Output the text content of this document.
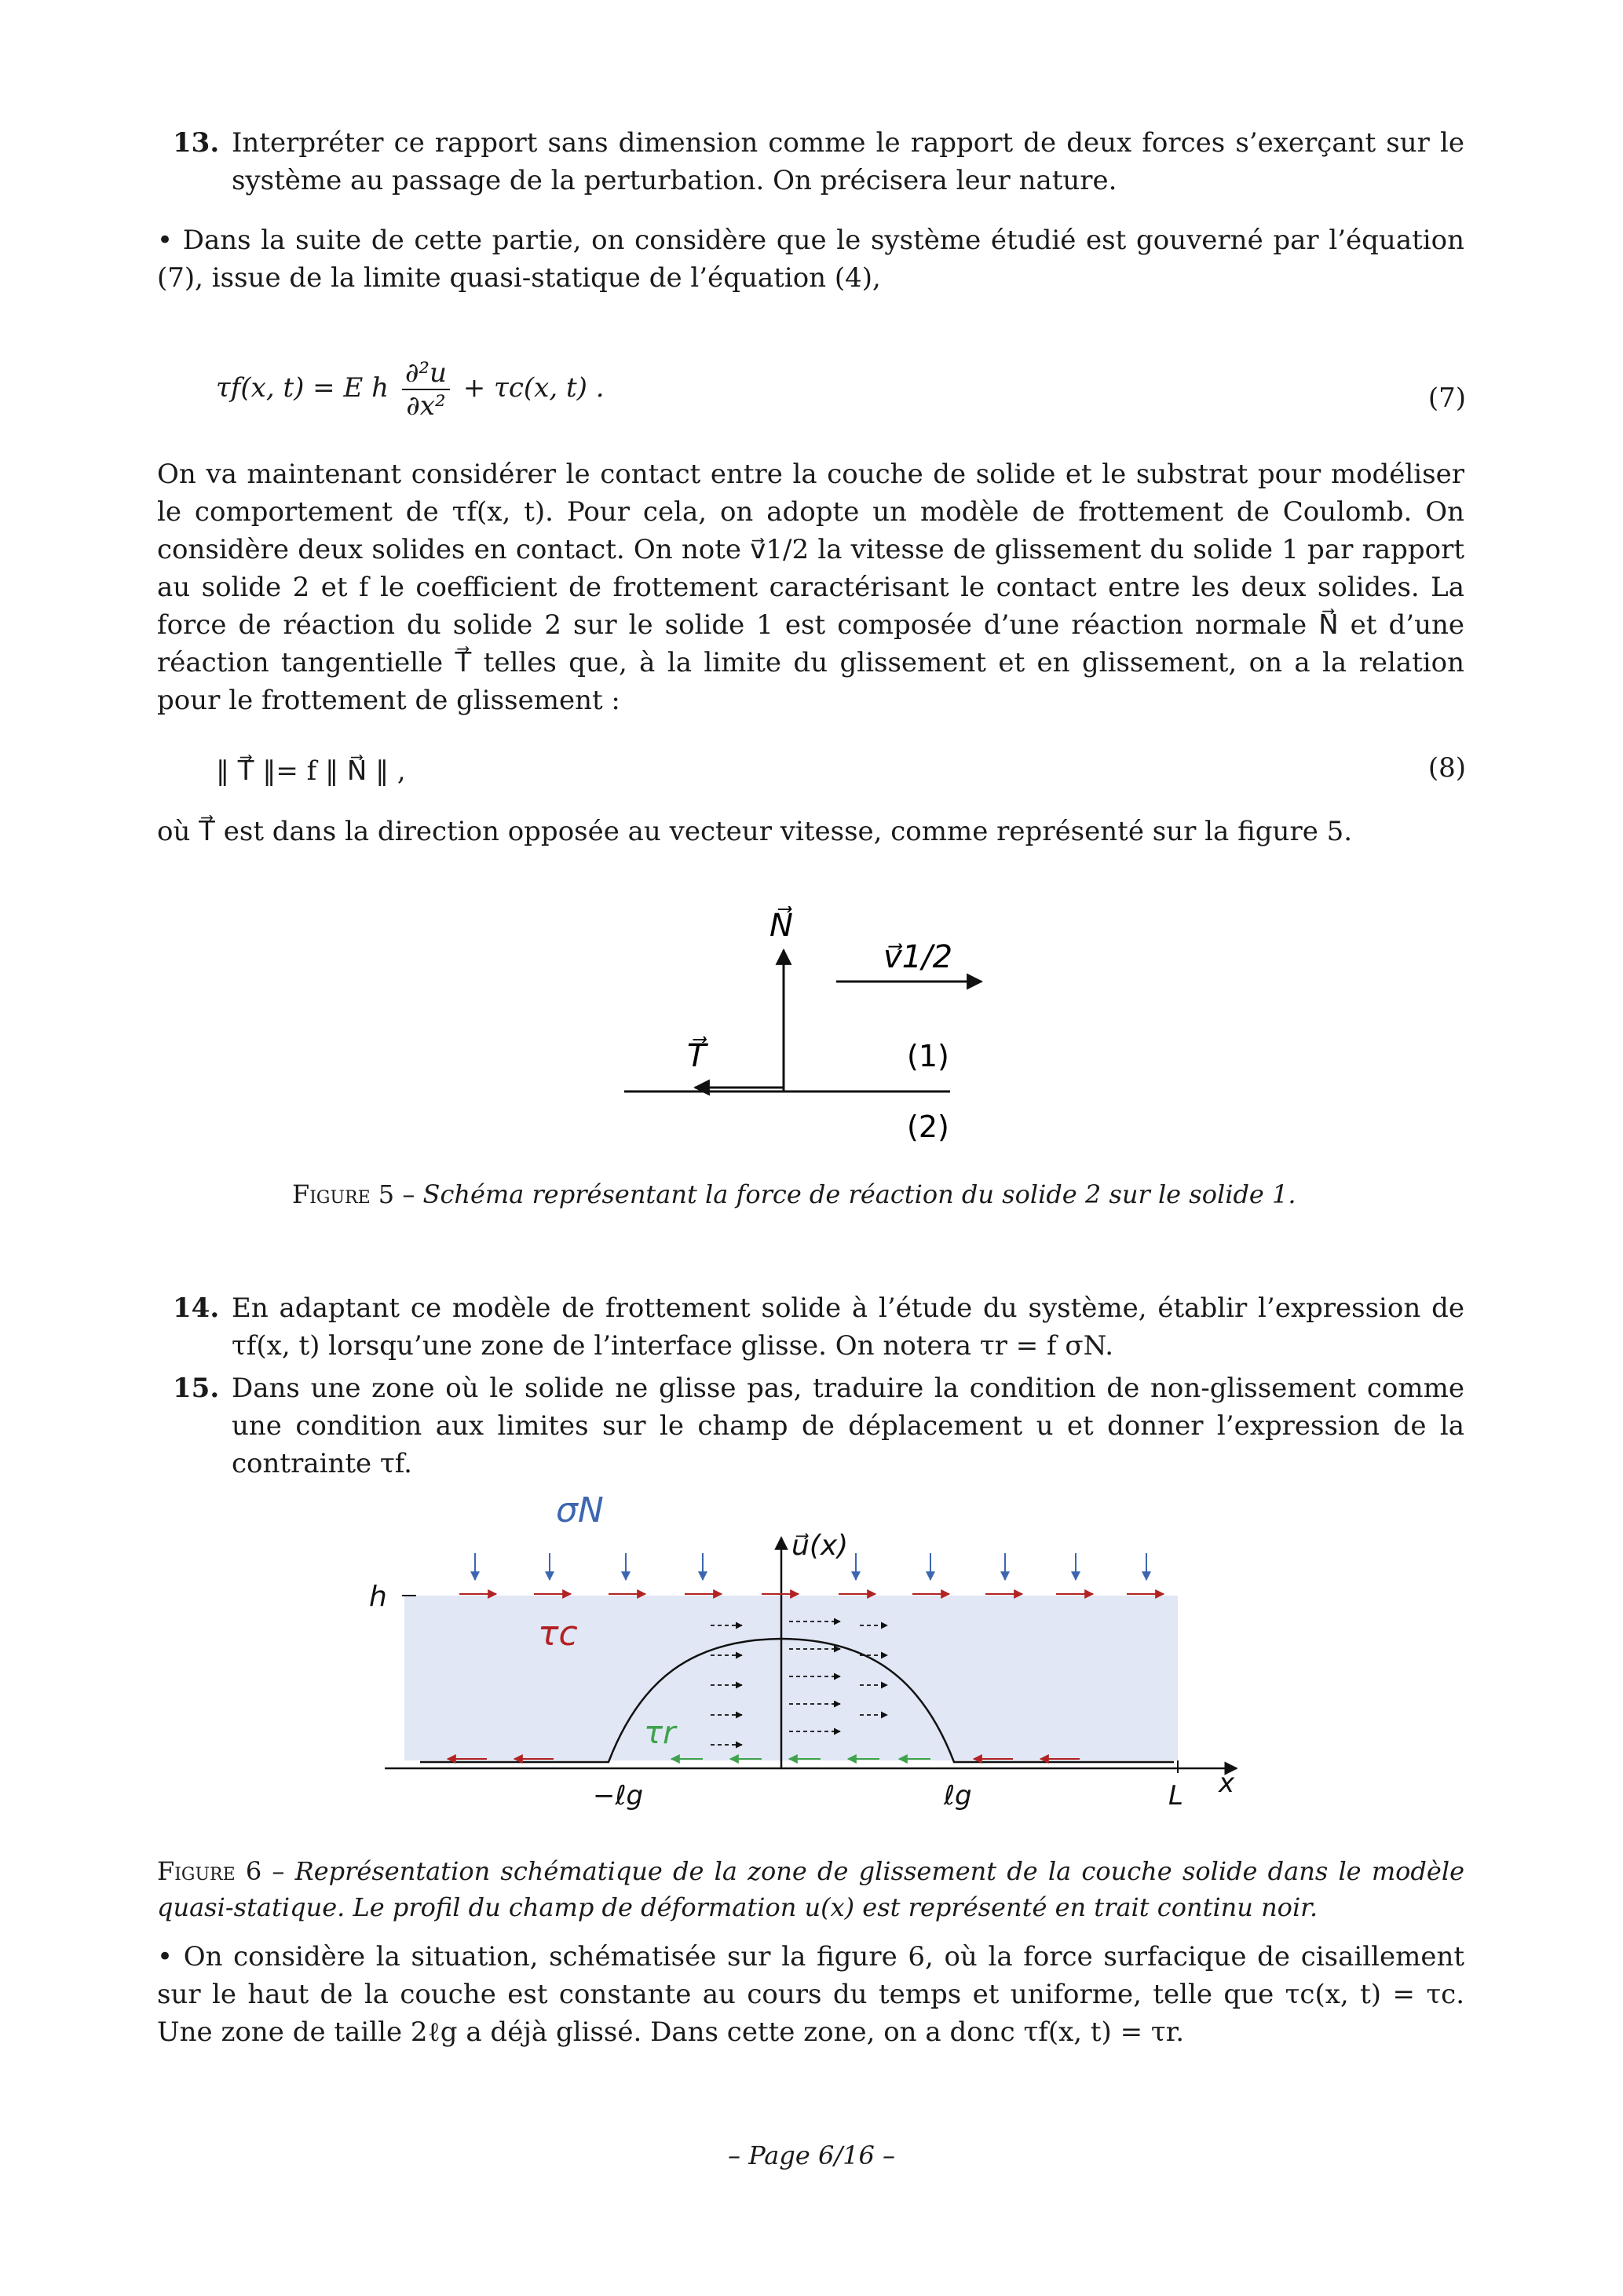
13. Interpréter ce rapport sans dimension comme le rapport de deux forces s’exerçant sur le système au passage de la perturbation. On précisera leur nature.
• Dans la suite de cette partie, on considère que le système étudié est gouverné par l’équation (7), issue de la limite quasi-statique de l’équation (4),
τf(x, t) = E h $\frac{\text{∂²u}}{\text{∂x²}} + \tau c(x$, t) .	(7)
On va maintenant considérer le contact entre la couche de solide et le substrat pour modéliser le comportement de τf(x, t). Pour cela, on adopte un modèle de frottement de Coulomb. On considère deux solides en contact. On note v⃗1/2 la vitesse de glissement du solide 1 par rapport au solide 2 et f le coefficient de frottement caractérisant le contact entre les deux solides. La force de réaction du solide 2 sur le solide 1 est composée d’une réaction normale N⃗ et d’une réaction tangentielle T⃗ telles que, à la limite du glissement et en glissement, on a la relation pour le frottement de glissement :
‖ T⃗ ‖= f ‖ N⃗ ‖ ,	(8)
où T⃗ est dans la direction opposée au vecteur vitesse, comme représenté sur la figure 5.
N⃗
v⃗1/2
T⃗	(1)
(2)
Figure 5 – Schéma représentant la force de réaction du solide 2 sur le solide 1.
14. En adaptant ce modèle de frottement solide à l’étude du système, établir l’expression de τf(x, t) lorsqu’une zone de l’interface glisse. On notera τr = f σN.
15. Dans une zone où le solide ne glisse pas, traduire la condition de non-glissement comme une condition aux limites sur le champ de déplacement u et donner l’expression de la contrainte τf.
σN
u⃗(x)
h
τc
τr
−ℓg	ℓg	L x
Figure 6 – Représentation schématique de la zone de glissement de la couche solide dans le modèle quasi-statique. Le profil du champ de déformation u(x) est représenté en trait continu noir.
• On considère la situation, schématisée sur la figure 6, où la force surfacique de cisaillement sur le haut de la couche est constante au cours du temps et uniforme, telle que τc(x, t) = τc. Une zone de taille 2ℓg a déjà glissé. Dans cette zone, on a donc τf(x, t) = τr.
– Page 6/16 –
